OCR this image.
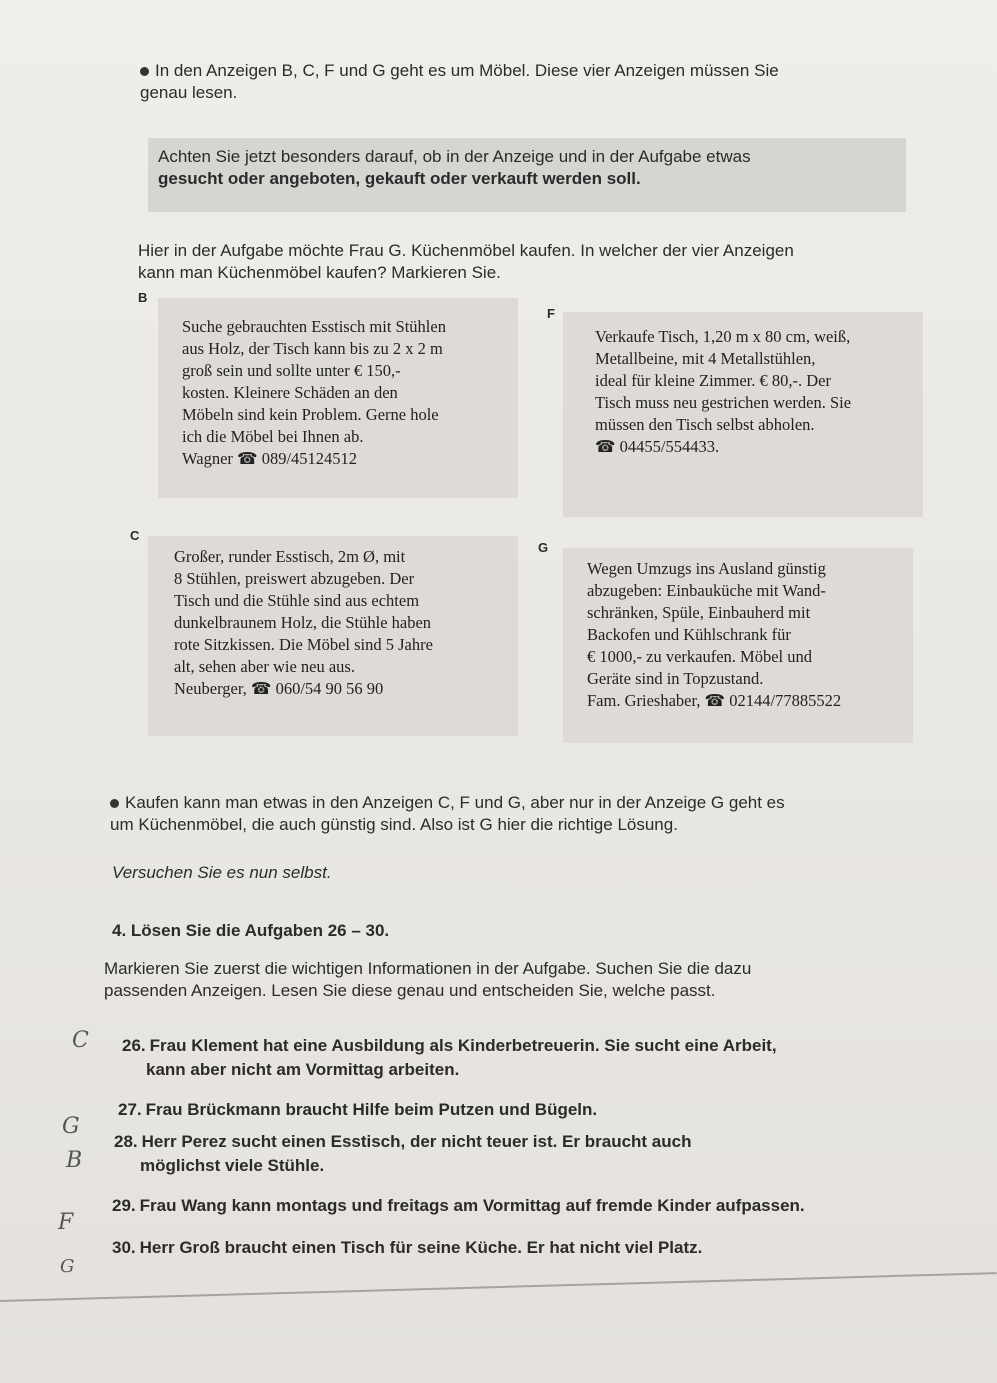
In den Anzeigen B, C, F und G geht es um Möbel. Diese vier Anzeigen müssen Sie
genau lesen.
Achten Sie jetzt besonders darauf, ob in der Anzeige und in der Aufgabe etwas
gesucht oder angeboten, gekauft oder verkauft werden soll.
Hier in der Aufgabe möchte Frau G. Küchenmöbel kaufen. In welcher der vier Anzeigen
kann man Küchenmöbel kaufen? Markieren Sie.
B
Suche gebrauchten Esstisch mit Stühlen
aus Holz, der Tisch kann bis zu 2 x 2 m
groß sein und sollte unter € 150,-
kosten. Kleinere Schäden an den
Möbeln sind kein Problem. Gerne hole
ich die Möbel bei Ihnen ab.
Wagner ☎ 089/45124512
F
Verkaufe Tisch, 1,20 m x 80 cm, weiß,
Metallbeine, mit 4 Metallstühlen,
ideal für kleine Zimmer. € 80,-. Der
Tisch muss neu gestrichen werden. Sie
müssen den Tisch selbst abholen.
☎ 04455/554433.
C
Großer, runder Esstisch, 2m Ø, mit
8 Stühlen, preiswert abzugeben. Der
Tisch und die Stühle sind aus echtem
dunkelbraunem Holz, die Stühle haben
rote Sitzkissen. Die Möbel sind 5 Jahre
alt, sehen aber wie neu aus.
Neuberger, ☎ 060/54 90 56 90
G
Wegen Umzugs ins Ausland günstig
abzugeben: Einbauküche mit Wand-
schränken, Spüle, Einbauherd mit
Backofen und Kühlschrank für
€ 1000,- zu verkaufen. Möbel und
Geräte sind in Topzustand.
Fam. Grieshaber, ☎ 02144/77885522
Kaufen kann man etwas in den Anzeigen C, F und G, aber nur in der Anzeige G geht es
um Küchenmöbel, die auch günstig sind. Also ist G hier die richtige Lösung.
Versuchen Sie es nun selbst.
4. Lösen Sie die Aufgaben 26 – 30.
Markieren Sie zuerst die wichtigen Informationen in der Aufgabe. Suchen Sie die dazu
passenden Anzeigen. Lesen Sie diese genau und entscheiden Sie, welche passt.
26. Frau Klement hat eine Ausbildung als Kinderbetreuerin. Sie sucht eine Arbeit,
kann aber nicht am Vormittag arbeiten.
C
27. Frau Brückmann braucht Hilfe beim Putzen und Bügeln.
G
28. Herr Perez sucht einen Esstisch, der nicht teuer ist. Er braucht auch
möglichst viele Stühle.
B
29. Frau Wang kann montags und freitags am Vormittag auf fremde Kinder aufpassen.
F
30. Herr Groß braucht einen Tisch für seine Küche. Er hat nicht viel Platz.
G
